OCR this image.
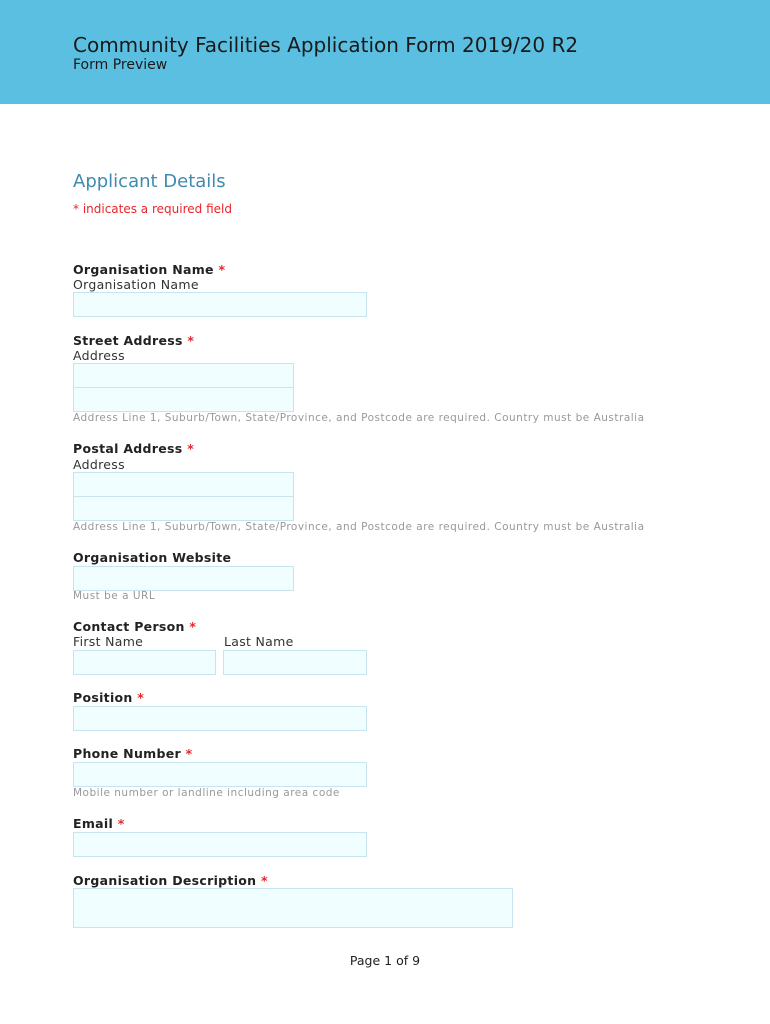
Community Facilities Application Form 2019/20 R2
Form Preview
Applicant Details
* indicates a required field
Organisation Name *
Organisation Name
Street Address *
Address
Address Line 1, Suburb/Town, State/Province, and Postcode are required. Country must be Australia
Postal Address *
Address
Address Line 1, Suburb/Town, State/Province, and Postcode are required. Country must be Australia
Organisation Website
Must be a URL
Contact Person *
First Name	Last Name
Position *
Phone Number *
Mobile number or landline including area code
Email *
Organisation Description *
Page 1 of 9
